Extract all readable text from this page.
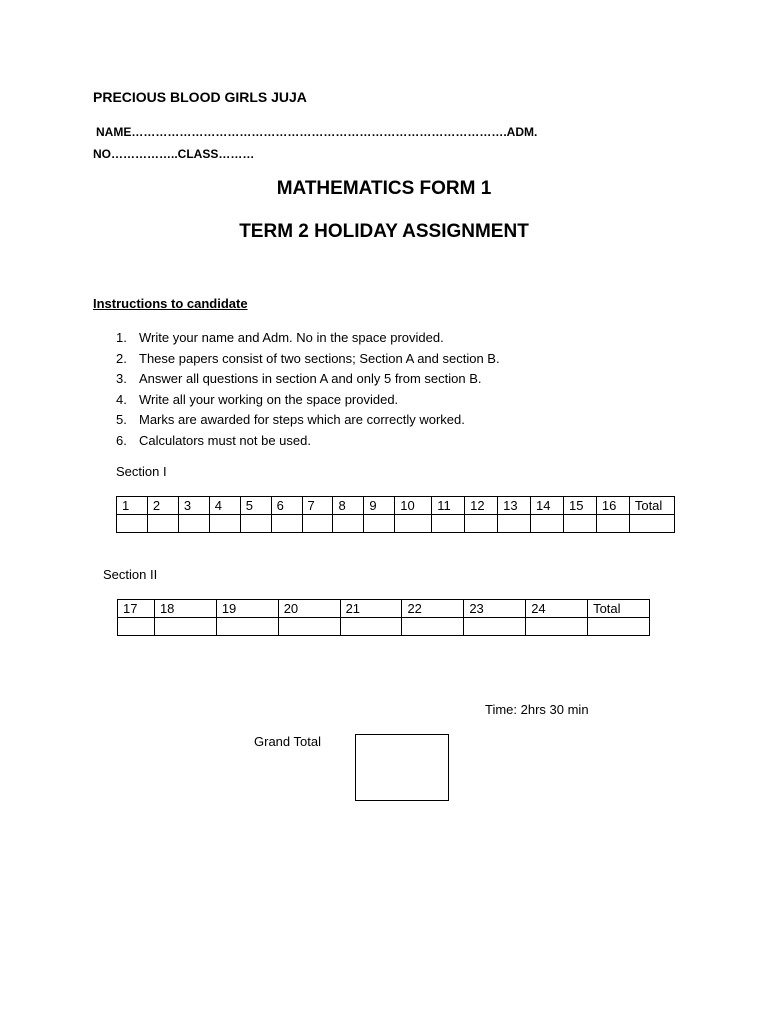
PRECIOUS BLOOD GIRLS JUJA
NAME………………………………………………………………………………….ADM.
NO……………..CLASS………
MATHEMATICS FORM 1
TERM 2 HOLIDAY ASSIGNMENT
Instructions to candidate
1. Write your name and Adm. No in the space provided.
2. These papers consist of two sections; Section A and section B.
3. Answer all questions in section A and only 5 from section B.
4. Write all your working on the space provided.
5. Marks are awarded for steps which are correctly worked.
6. Calculators must not be used.
Section I
1	2	3	4	5	6	7	8	9	10	11	12	13	14	15	16	Total

Section II
17	18	19	20	21	22	23	24	Total

Time: 2hrs 30 min
Grand Total
